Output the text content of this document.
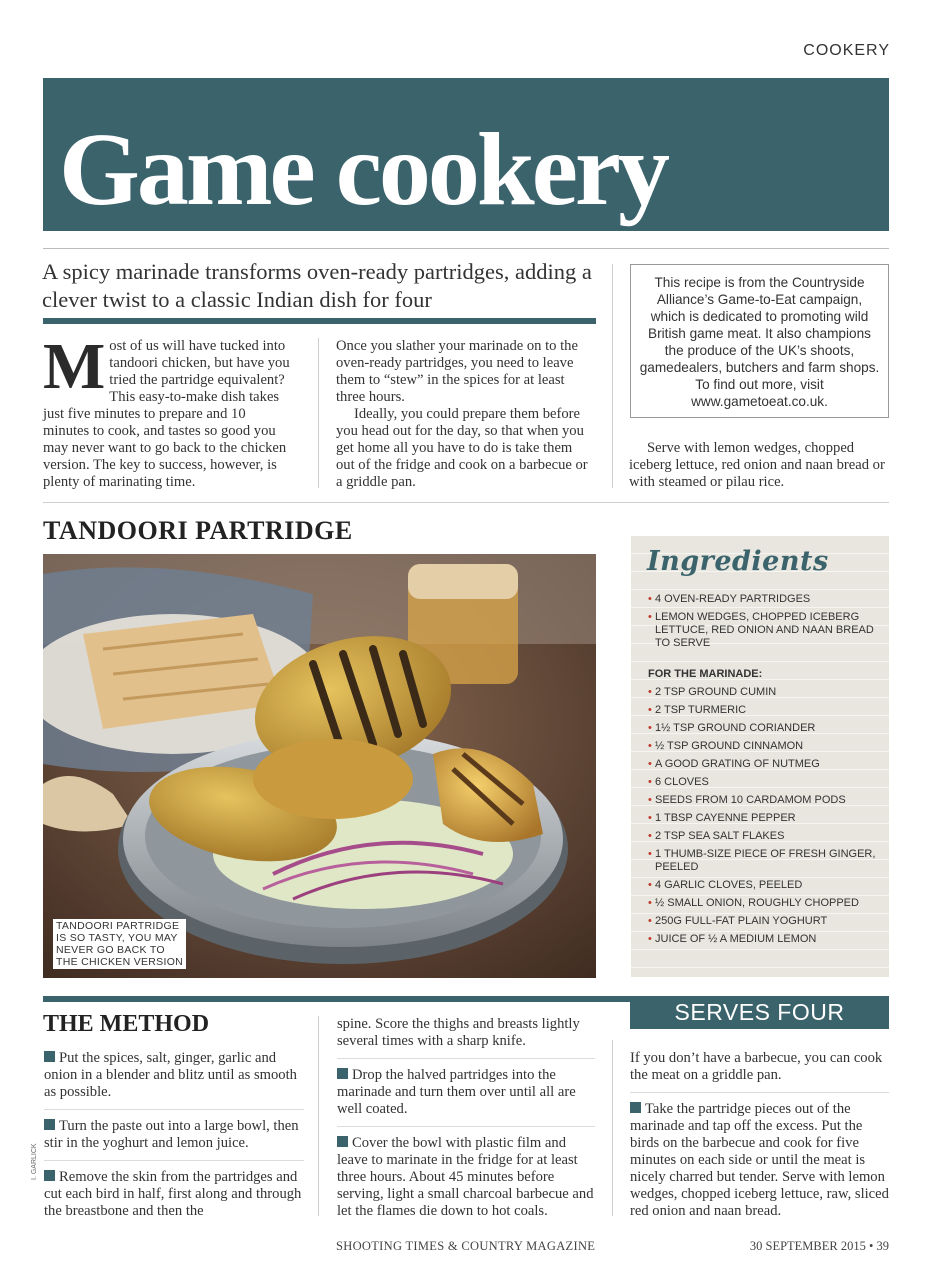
COOKERY
Game cookery
A spicy marinade transforms oven-ready partridges, adding a clever twist to a classic Indian dish for four
Most of us will have tucked into tandoori chicken, but have you tried the partridge equivalent? This easy-to-make dish takes just five minutes to prepare and 10 minutes to cook, and tastes so good you may never want to go back to the chicken version. The key to success, however, is plenty of marinating time.

Once you slather your marinade on to the oven-ready partridges, you need to leave them to “stew” in the spices for at least three hours.

Ideally, you could prepare them before you head out for the day, so that when you get home all you have to do is take them out of the fridge and cook on a barbecue or a griddle pan.

This recipe is from the Countryside Alliance’s Game-to-Eat campaign, which is dedicated to promoting wild British game meat. It also champions the produce of the UK’s shoots, gamedealers, butchers and farm shops. To find out more, visit www.gametoeat.co.uk.
Serve with lemon wedges, chopped iceberg lettuce, red onion and naan bread or with steamed or pilau rice.
TANDOORI PARTRIDGE
TANDOORI PARTRIDGE
IS SO TASTY, YOU MAY
NEVER GO BACK TO
THE CHICKEN VERSION
Ingredients
• 4 OVEN-READY PARTRIDGES
• LEMON WEDGES, CHOPPED ICEBERG LETTUCE, RED ONION AND NAAN BREAD TO SERVE
FOR THE MARINADE:
• 2 TSP GROUND CUMIN
• 2 TSP TURMERIC
• 1½ TSP GROUND CORIANDER
• ½ TSP GROUND CINNAMON
• A GOOD GRATING OF NUTMEG
• 6 CLOVES
• SEEDS FROM 10 CARDAMOM PODS
• 1 TBSP CAYENNE PEPPER
• 2 TSP SEA SALT FLAKES
• 1 THUMB-SIZE PIECE OF FRESH GINGER, PEELED
• 4 GARLIC CLOVES, PEELED
• ½ SMALL ONION, ROUGHLY CHOPPED
• 250G FULL-FAT PLAIN YOGHURT
• JUICE OF ½ A MEDIUM LEMON
SERVES FOUR
THE METHOD
Put the spices, salt, ginger, garlic and onion in a blender and blitz until as smooth as possible.
Turn the paste out into a large bowl, then stir in the yoghurt and lemon juice.
Remove the skin from the partridges and cut each bird in half, first along and through the breastbone and then the
spine. Score the thighs and breasts lightly several times with a sharp knife.
Drop the halved partridges into the marinade and turn them over until all are well coated.
Cover the bowl with plastic film and leave to marinate in the fridge for at least three hours. About 45 minutes before serving, light a small charcoal barbecue and let the flames die down to hot coals.
If you don’t have a barbecue, you can cook the meat on a griddle pan.
Take the partridge pieces out of the marinade and tap off the excess. Put the birds on the barbecue and cook for five minutes on each side or until the meat is nicely charred but tender. Serve with lemon wedges, chopped iceberg lettuce, raw, sliced red onion and naan bread.
I. GARLICK
SHOOTING TIMES & COUNTRY MAGAZINE	30 SEPTEMBER 2015 • 39
